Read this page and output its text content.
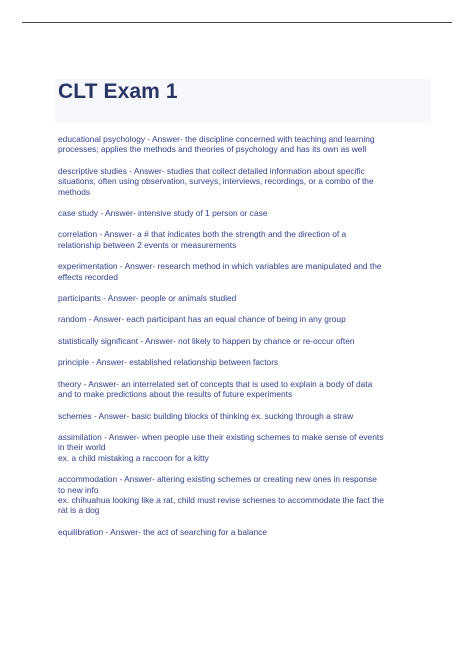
CLT Exam 1

educational psychology - Answer- the discipline concerned with teaching and learning
processes; applies the methods and theories of psychology and has its own as well

descriptive studies - Answer- studies that collect detailed information about specific
situations, often using observation, surveys, interviews, recordings, or a combo of the
methods

case study - Answer- intensive study of 1 person or case

correlation - Answer- a # that indicates both the strength and the direction of a
relationship between 2 events or measurements

experimentation - Answer- research method in which variables are manipulated and the
effects recorded

participants - Answer- people or animals studied

random - Answer- each participant has an equal chance of being in any group

statistically significant - Answer- not likely to happen by chance or re-occur often

principle - Answer- established relationship between factors

theory - Answer- an interrelated set of concepts that is used to explain a body of data
and to make predictions about the results of future experiments

schemes - Answer- basic building blocks of thinking ex. sucking through a straw

assimilation - Answer- when people use their existing schemes to make sense of events
in their world
ex. a child mistaking a raccoon for a kitty

accommodation - Answer- altering existing schemes or creating new ones in response
to new info
ex. chihuahua looking like a rat, child must revise schemes to accommodate the fact the
rat is a dog

equilibration - Answer- the act of searching for a balance
